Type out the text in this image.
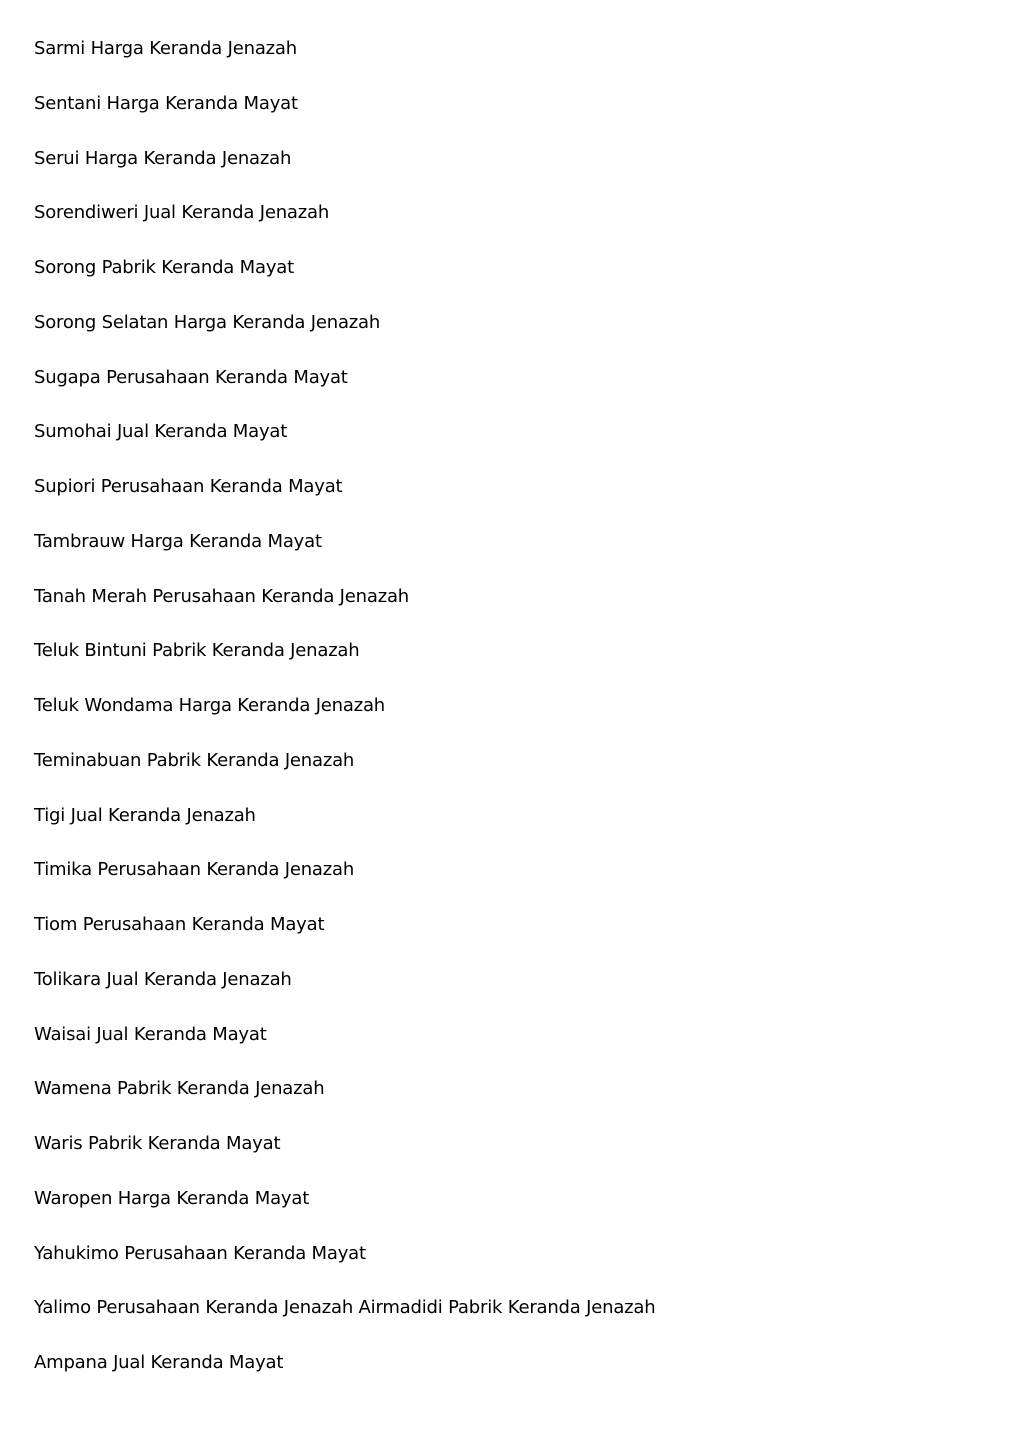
Sarmi Harga Keranda Jenazah
Sentani Harga Keranda Mayat
Serui Harga Keranda Jenazah
Sorendiweri Jual Keranda Jenazah
Sorong Pabrik Keranda Mayat
Sorong Selatan Harga Keranda Jenazah
Sugapa Perusahaan Keranda Mayat
Sumohai Jual Keranda Mayat
Supiori Perusahaan Keranda Mayat
Tambrauw Harga Keranda Mayat
Tanah Merah Perusahaan Keranda Jenazah
Teluk Bintuni Pabrik Keranda Jenazah
Teluk Wondama Harga Keranda Jenazah
Teminabuan Pabrik Keranda Jenazah
Tigi Jual Keranda Jenazah
Timika Perusahaan Keranda Jenazah
Tiom Perusahaan Keranda Mayat
Tolikara Jual Keranda Jenazah
Waisai Jual Keranda Mayat
Wamena Pabrik Keranda Jenazah
Waris Pabrik Keranda Mayat
Waropen Harga Keranda Mayat
Yahukimo Perusahaan Keranda Mayat
Yalimo Perusahaan Keranda Jenazah Airmadidi Pabrik Keranda Jenazah
Ampana Jual Keranda Mayat
